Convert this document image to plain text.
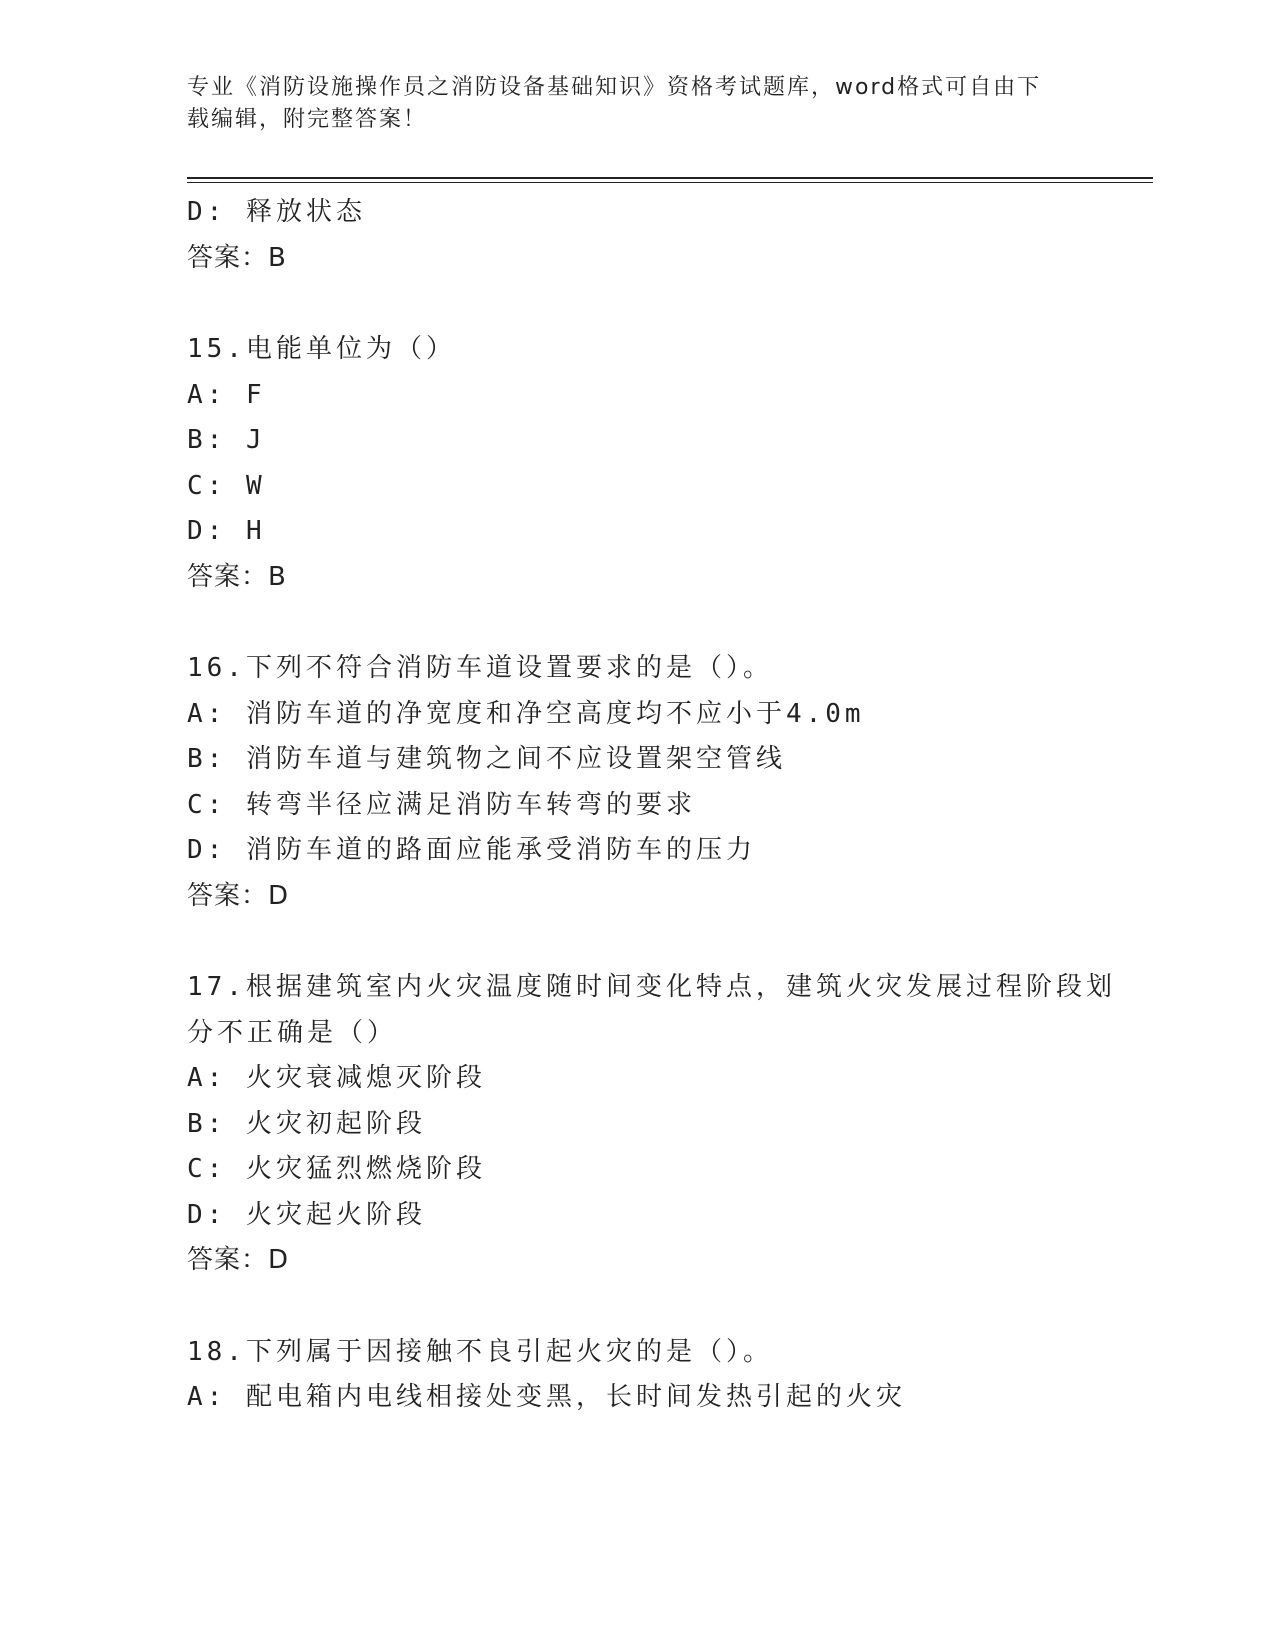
专业《消防设施操作员之消防设备基础知识》资格考试题库，word格式可自由下
载编辑，附完整答案！
D: 释放状态
答案：B
15.电能单位为（）
A: F
B: J
C: W
D: H
答案：B
16.下列不符合消防车道设置要求的是（）。
A: 消防车道的净宽度和净空高度均不应小于4.0m
B: 消防车道与建筑物之间不应设置架空管线
C: 转弯半径应满足消防车转弯的要求
D: 消防车道的路面应能承受消防车的压力
答案：D
17.根据建筑室内火灾温度随时间变化特点，建筑火灾发展过程阶段划
分不正确是（）
A: 火灾衰减熄灭阶段
B: 火灾初起阶段
C: 火灾猛烈燃烧阶段
D: 火灾起火阶段
答案：D
18.下列属于因接触不良引起火灾的是（）。
A: 配电箱内电线相接处变黑，长时间发热引起的火灾
